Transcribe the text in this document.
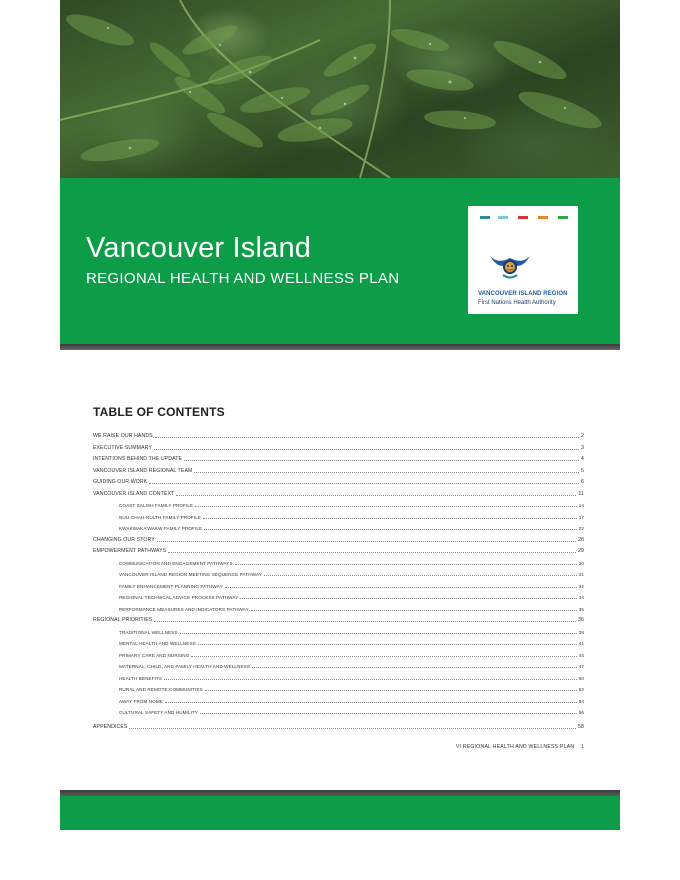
Vancouver Island
REGIONAL HEALTH AND WELLNESS PLAN
VANCOUVER ISLAND REGION
First Nations Health Authority
TABLE OF CONTENTS
WE RAISE OUR HANDS	2
EXECUTIVE SUMMARY	3
INTENTIONS BEHIND THE UPDATE	4
VANCOUVER ISLAND REGIONAL TEAM	5
GUIDING OUR WORK	6
VANCOUVER ISLAND CONTEXT	11
COAST SALISH FAMILY PROFILE	14
NUU-CHAH-NULTH FAMILY PROFILE	17
KWAKWAKA'WAKW FAMILY PROFILE	22
CHANGING OUR STORY	28
EMPOWERMENT PATHWAYS	29
COMMUNICATION AND ENGAGEMENT PATHWAYS	30
VANCOUVER ISLAND REGION MEETING SEQUENCE PATHWAY	31
FAMILY ENHANCEMENT PLANNING PATHWAY	32
REGIONAL TECHNICAL ADVICE PROCESS PATHWAY	34
PERFORMANCE MEASURES AND INDICATORS PATHWAY	35
REGIONAL PRIORITIES	36
TRADITIONAL WELLNESS	38
MENTAL HEALTH AND WELLNESS	41
PRIMARY CARE AND NURSING	44
MATERNAL, CHILD, AND FAMILY HEALTH AND WELLNESS	47
HEALTH BENEFITS	50
RURAL AND REMOTE COMMUNITIES	52
AWAY FROM HOME	54
CULTURAL SAFETY AND HUMILITY	56
APPENDICES	58
VI REGIONAL HEALTH AND WELLNESS PLAN 1
